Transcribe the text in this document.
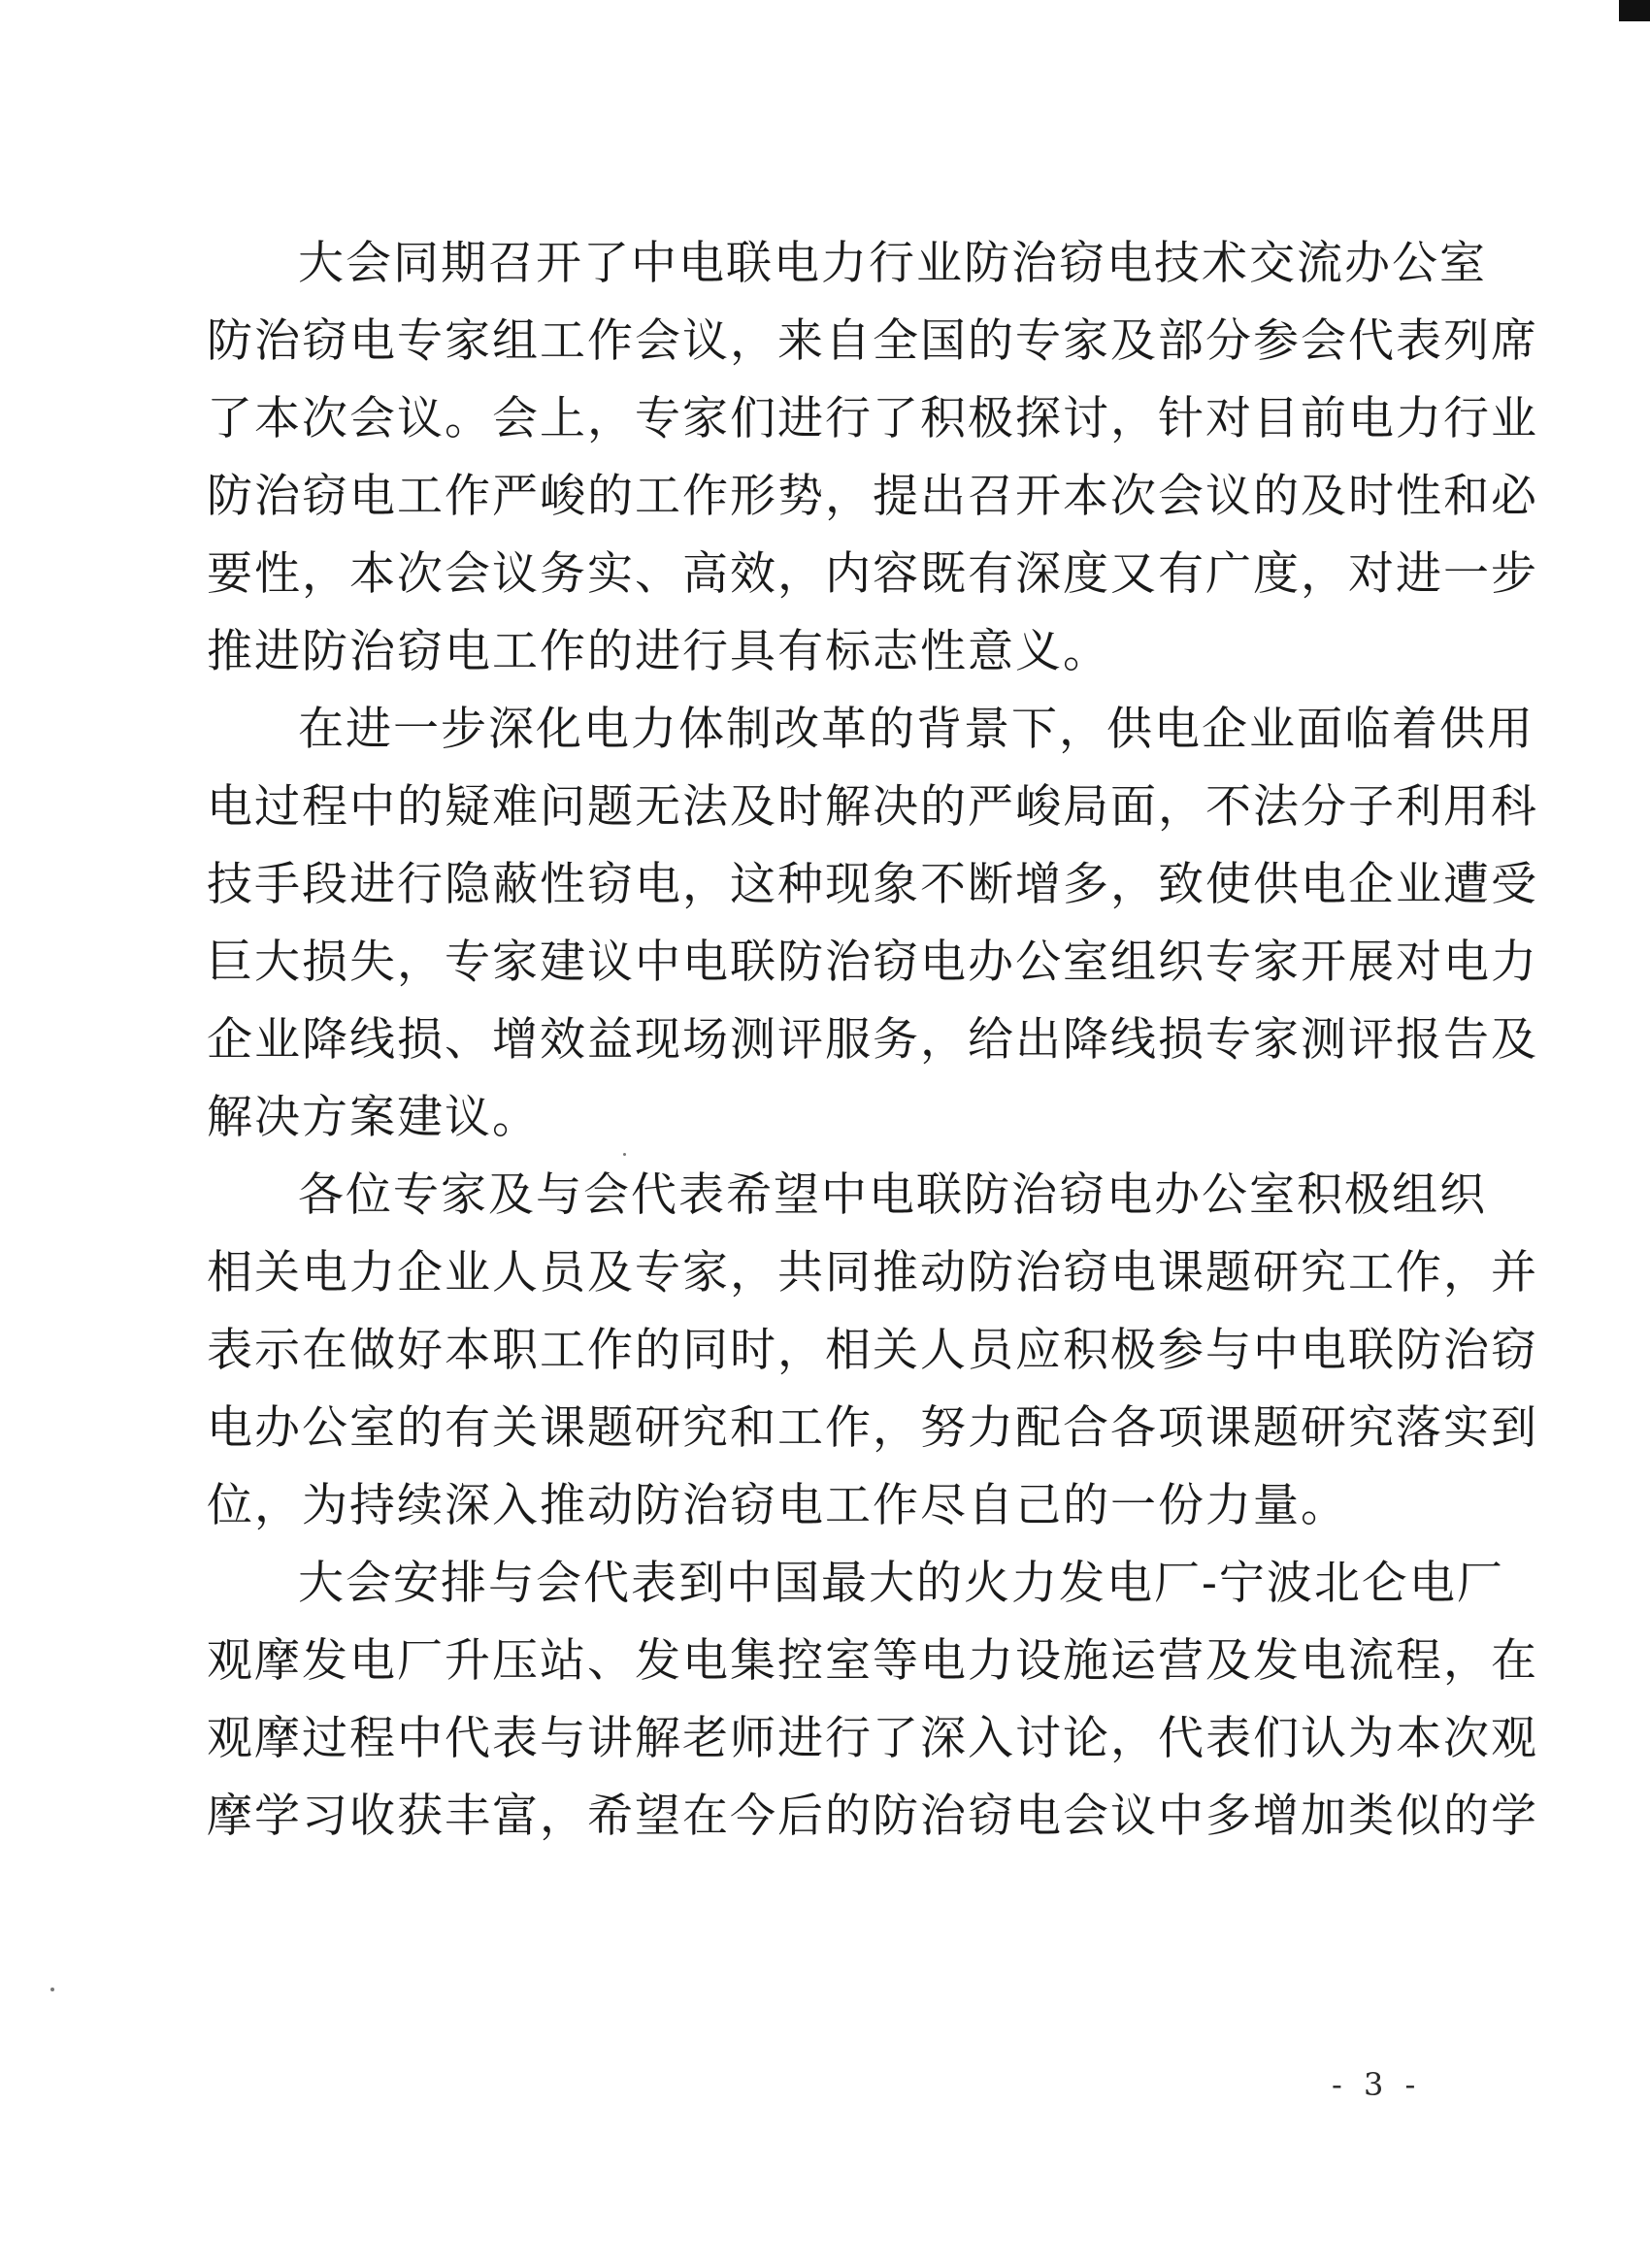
大会同期召开了中电联电力行业防治窃电技术交流办公室
防治窃电专家组工作会议，来自全国的专家及部分参会代表列席
了本次会议。会上，专家们进行了积极探讨，针对目前电力行业
防治窃电工作严峻的工作形势，提出召开本次会议的及时性和必
要性，本次会议务实、高效，内容既有深度又有广度，对进一步
推进防治窃电工作的进行具有标志性意义。
在进一步深化电力体制改革的背景下，供电企业面临着供用
电过程中的疑难问题无法及时解决的严峻局面，不法分子利用科
技手段进行隐蔽性窃电，这种现象不断增多，致使供电企业遭受
巨大损失，专家建议中电联防治窃电办公室组织专家开展对电力
企业降线损、增效益现场测评服务，给出降线损专家测评报告及
解决方案建议。
各位专家及与会代表希望中电联防治窃电办公室积极组织
相关电力企业人员及专家，共同推动防治窃电课题研究工作，并
表示在做好本职工作的同时，相关人员应积极参与中电联防治窃
电办公室的有关课题研究和工作，努力配合各项课题研究落实到
位，为持续深入推动防治窃电工作尽自己的一份力量。
大会安排与会代表到中国最大的火力发电厂-宁波北仑电厂
观摩发电厂升压站、发电集控室等电力设施运营及发电流程，在
观摩过程中代表与讲解老师进行了深入讨论，代表们认为本次观
摩学习收获丰富，希望在今后的防治窃电会议中多增加类似的学
- 3 -
